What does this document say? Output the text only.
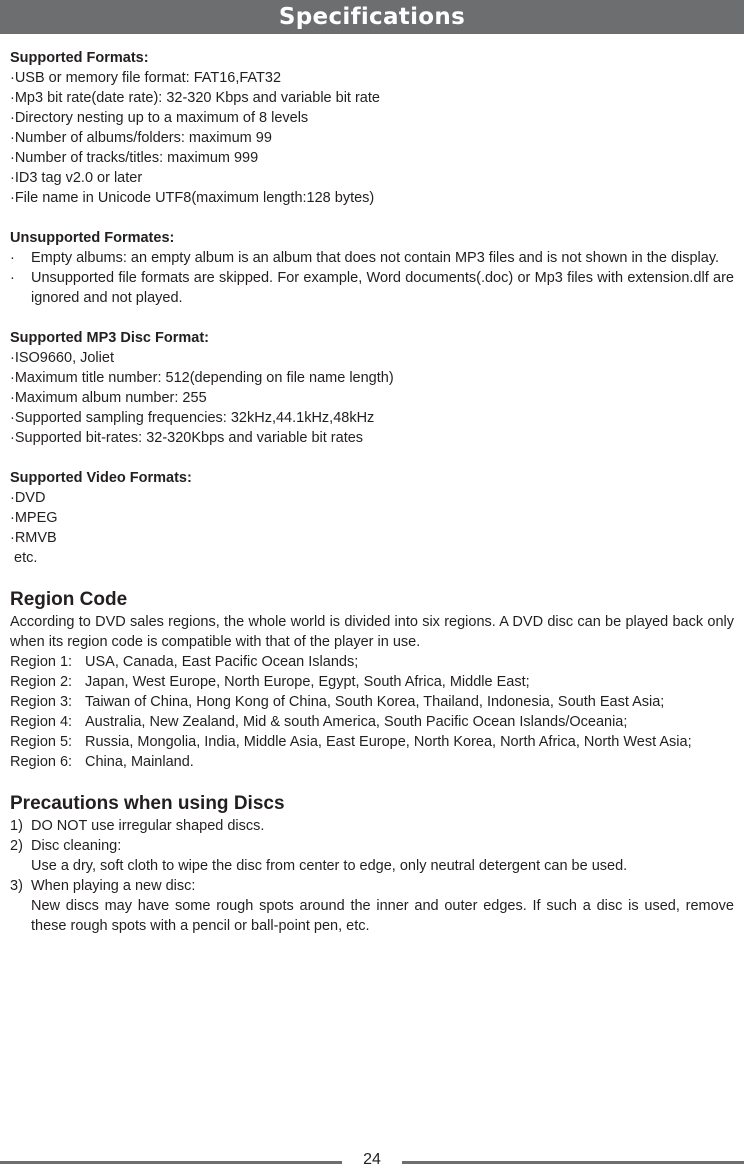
Specifications
Supported Formats:
·USB or memory file format: FAT16,FAT32
·Mp3 bit rate(date rate): 32-320 Kbps and variable bit rate
·Directory nesting up to a maximum of 8 levels
·Number of albums/folders: maximum 99
·Number of tracks/titles: maximum 999
·ID3 tag v2.0 or later
·File name in Unicode UTF8(maximum length:128 bytes)
Unsupported Formates:
·	Empty albums: an empty album is an album that does not contain MP3 files and is not shown in the display.
·	Unsupported file formats are skipped. For example, Word documents(.doc) or Mp3 files with extension.dlf are ignored and not played.
Supported MP3 Disc Format:
·ISO9660, Joliet
·Maximum title number: 512(depending on file name length)
·Maximum album number: 255
·Supported sampling frequencies: 32kHz,44.1kHz,48kHz
·Supported bit-rates: 32-320Kbps and variable bit rates
Supported Video Formats:
·DVD
·MPEG
·RMVB
etc.
Region Code
According to DVD sales regions, the whole world is divided into six regions. A DVD disc can be played back only when its region code is compatible with that of the player in use.
Region 1: USA, Canada, East Pacific Ocean Islands;
Region 2: Japan, West Europe, North Europe, Egypt, South Africa, Middle East;
Region 3: Taiwan of China, Hong Kong of China, South Korea, Thailand, Indonesia, South East Asia;
Region 4: Australia, New Zealand, Mid & south America, South Pacific Ocean Islands/Oceania;
Region 5: Russia, Mongolia, India, Middle Asia, East Europe, North Korea, North Africa, North West Asia;
Region 6: China, Mainland.
Precautions when using Discs
1) DO NOT use irregular shaped discs.
2) Disc cleaning:
Use a dry, soft cloth to wipe the disc from center to edge, only neutral detergent can be used.
3) When playing a new disc:
New discs may have some rough spots around the inner and outer edges. If such a disc is used, remove these rough spots with a pencil or ball-point pen, etc.
24
